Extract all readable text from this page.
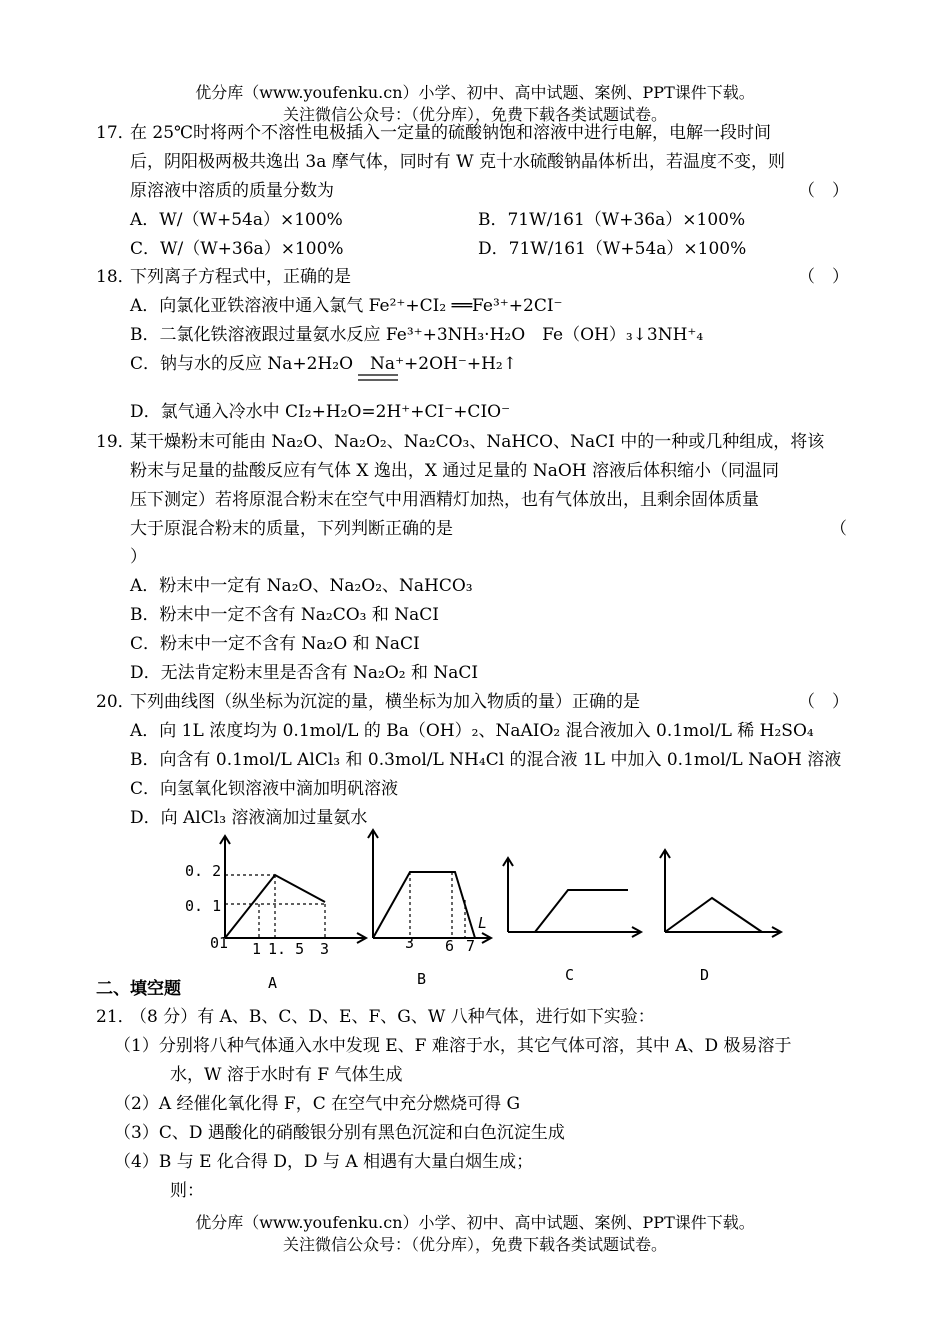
优分库（www.youfenku.cn）小学、初中、高中试题、案例、PPT课件下载。
关注微信公众号：（优分库），免费下载各类试题试卷。
17．
在 25℃时将两个不溶性电极插入一定量的硫酸钠饱和溶液中进行电解，电解一段时间
后，阴阳极两极共逸出 3a 摩气体，同时有 W 克十水硫酸钠晶体析出，若温度不变，则
原溶液中溶质的质量分数为	（　）
A．W/（W+54a）×100%	B．71W/161（W+36a）×100%
C．W/（W+36a）×100%	D．71W/161（W+54a）×100%
18．
下列离子方程式中，正确的是	（　）
A．向氯化亚铁溶液中通入氯气 Fe²⁺+CI₂ ══Fe³⁺+2CI⁻
B．二氯化铁溶液跟过量氨水反应 Fe³⁺+3NH₃·H₂O　Fe（OH）₃↓3NH⁺₄
C．钠与水的反应 Na+2H₂O　Na⁺+2OH⁻+H₂↑
D．氯气通入冷水中 CI₂+H₂O=2H⁺+CI⁻+CIO⁻
19．
某干燥粉末可能由 Na₂O、Na₂O₂、Na₂CO₃、NaHCO、NaCI 中的一种或几种组成，将该
粉末与足量的盐酸反应有气体 X 逸出，X 通过足量的 NaOH 溶液后体积缩小（同温同
压下测定）若将原混合粉末在空气中用酒精灯加热，也有气体放出，且剩余固体质量
大于原混合粉末的质量，下列判断正确的是	（
）
A．粉末中一定有 Na₂O、Na₂O₂、NaHCO₃
B．粉末中一定不含有 Na₂CO₃ 和 NaCI
C．粉末中一定不含有 Na₂O 和 NaCI
D．无法肯定粉末里是否含有 Na₂O₂ 和 NaCI
20．
下列曲线图（纵坐标为沉淀的量，横坐标为加入物质的量）正确的是	（　）
A．向 1L 浓度均为 0.1mol/L 的 Ba（OH）₂、NaAIO₂ 混合液加入 0.1mol/L 稀 H₂SO₄
B．向含有 0.1mol/L AlCl₃ 和 0.3mol/L NH₄Cl 的混合液 1L 中加入 0.1mol/L NaOH 溶液
C．向氢氧化钡溶液中滴加明矾溶液
D．向 AlCl₃ 溶液滴加过量氨水
0. 2
0. 1
01 1 1. 5 3
A
3 6 7
L
B	C	D
二、填空题
21．
（8 分）有 A、B、C、D、E、F、G、W 八种气体，进行如下实验：
（1）分别将八种气体通入水中发现 E、F 难溶于水，其它气体可溶，其中 A、D 极易溶于
水，W 溶于水时有 F 气体生成
（2）A 经催化氧化得 F，C 在空气中充分燃烧可得 G
（3）C、D 遇酸化的硝酸银分别有黑色沉淀和白色沉淀生成
（4）B 与 E 化合得 D，D 与 A 相遇有大量白烟生成；
则：
优分库（www.youfenku.cn）小学、初中、高中试题、案例、PPT课件下载。
关注微信公众号：（优分库），免费下载各类试题试卷。
